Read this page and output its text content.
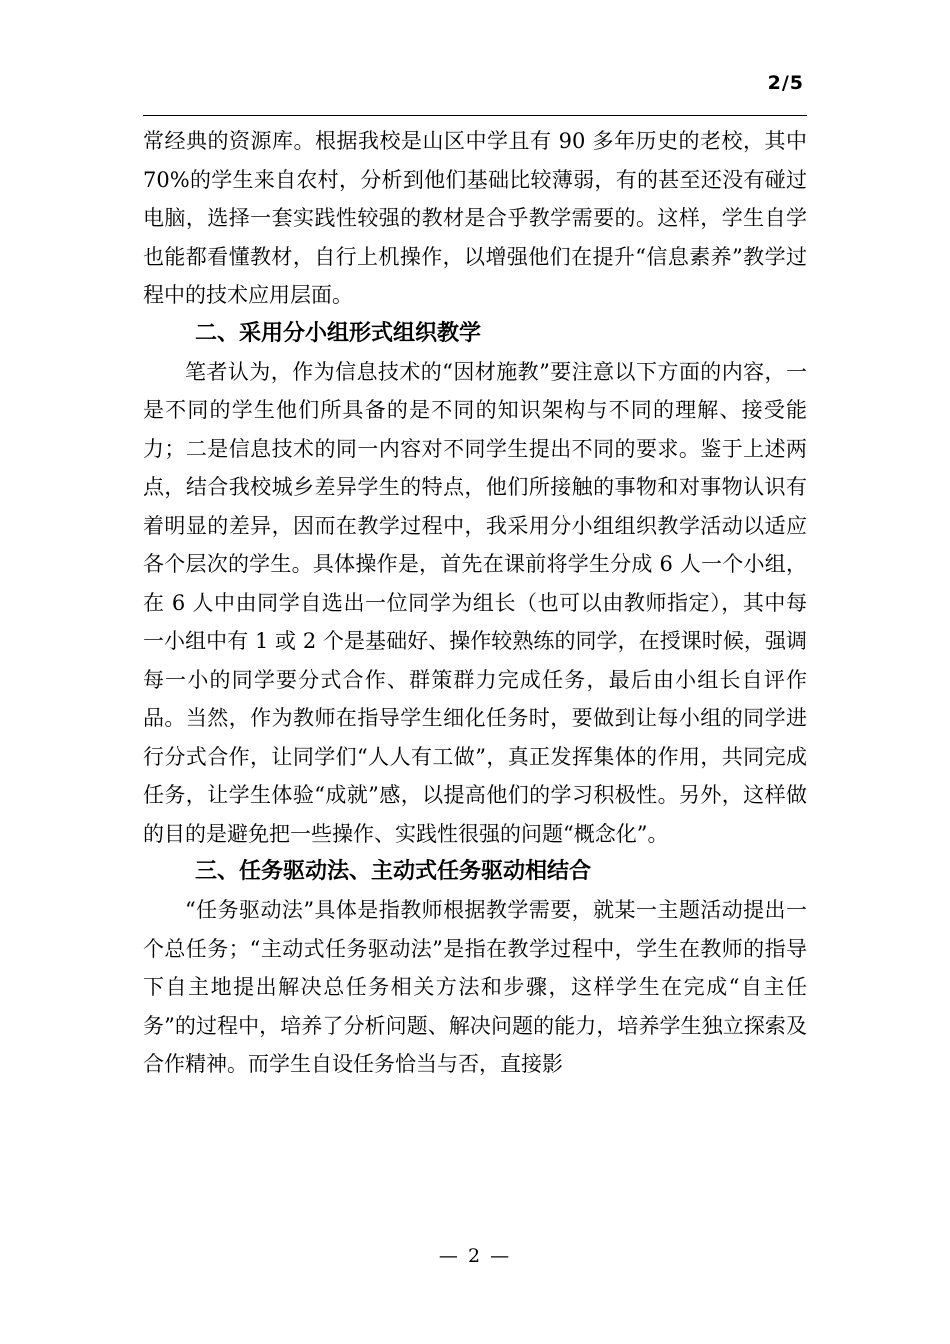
2/5

常经典的资源库。根据我校是山区中学且有 90 多年历史的老校，其中 70%的学生来自农村，分析到他们基础比较薄弱，有的甚至还没有碰过电脑，选择一套实践性较强的教材是合乎教学需要的。这样，学生自学也能都看懂教材，自行上机操作，以增强他们在提升“信息素养”教学过程中的技术应用层面。

二、采用分小组形式组织教学

笔者认为，作为信息技术的“因材施教”要注意以下方面的内容，一是不同的学生他们所具备的是不同的知识架构与不同的理解、接受能力；二是信息技术的同一内容对不同学生提出不同的要求。鉴于上述两点，结合我校城乡差异学生的特点，他们所接触的事物和对事物认识有着明显的差异，因而在教学过程中，我采用分小组组织教学活动以适应各个层次的学生。具体操作是，首先在课前将学生分成 6 人一个小组，在 6 人中由同学自选出一位同学为组长（也可以由教师指定），其中每一小组中有 1 或 2 个是基础好、操作较熟练的同学，在授课时候，强调每一小的同学要分式合作、群策群力完成任务，最后由小组长自评作品。当然，作为教师在指导学生细化任务时，要做到让每小组的同学进行分式合作，让同学们“人人有工做”，真正发挥集体的作用，共同完成任务，让学生体验“成就”感，以提高他们的学习积极性。另外，这样做的目的是避免把一些操作、实践性很强的问题“概念化”。

三、任务驱动法、主动式任务驱动相结合

“任务驱动法”具体是指教师根据教学需要，就某一主题活动提出一个总任务；“主动式任务驱动法”是指在教学过程中，学生在教师的指导下自主地提出解决总任务相关方法和步骤，这样学生在完成“自主任务”的过程中，培养了分析问题、解决问题的能力，培养学生独立探索及合作精神。而学生自设任务恰当与否，直接影

— 2 —
